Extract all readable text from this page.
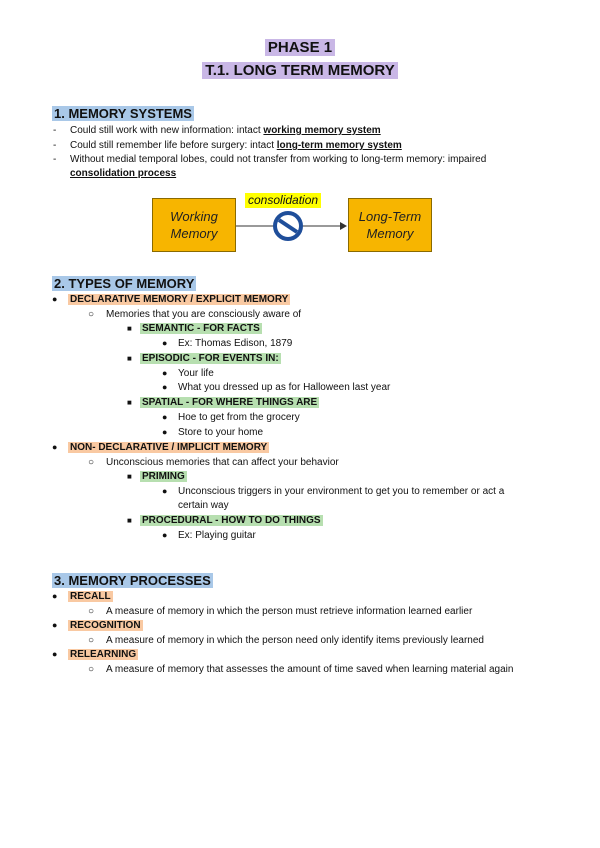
PHASE 1
T.1. LONG TERM MEMORY
1. MEMORY SYSTEMS
- Could still work with new information: intact working memory system
- Could still remember life before surgery: intact long-term memory system
- Without medial temporal lobes, could not transfer from working to long-term memory: impaired
consolidation process
Working
Memory
consolidation
Long-Term
Memory
2. TYPES OF MEMORY
● DECLARATIVE MEMORY / EXPLICIT MEMORY
○ Memories that you are consciously aware of
■ SEMANTIC - FOR FACTS
● Ex: Thomas Edison, 1879
■ EPISODIC - FOR EVENTS IN:
● Your life
● What you dressed up as for Halloween last year
■ SPATIAL - FOR WHERE THINGS ARE
● Hoe to get from the grocery
● Store to your home
● NON- DECLARATIVE / IMPLICIT MEMORY
○ Unconscious memories that can affect your behavior
■ PRIMING
● Unconscious triggers in your environment to get you to remember or act a
certain way
■ PROCEDURAL - HOW TO DO THINGS
● Ex: Playing guitar
3. MEMORY PROCESSES
● RECALL
○ A measure of memory in which the person must retrieve information learned earlier
● RECOGNITION
○ A measure of memory in which the person need only identify items previously learned
● RELEARNING
○ A measure of memory that assesses the amount of time saved when learning material again
